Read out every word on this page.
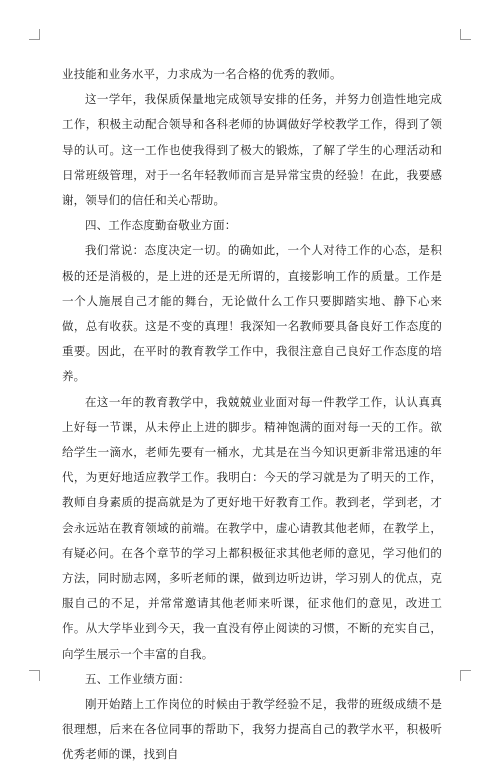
业技能和业务水平，力求成为一名合格的优秀的教师。

这一学年，我保质保量地完成领导安排的任务，并努力创造性地完成工作，积极主动配合领导和各科老师的协调做好学校教学工作，得到了领导的认可。这一工作也使我得到了极大的锻炼，了解了学生的心理活动和日常班级管理，对于一名年轻教师而言是异常宝贵的经验！在此，我要感谢，领导们的信任和关心帮助。

四、工作态度勤奋敬业方面：

我们常说：态度决定一切。的确如此，一个人对待工作的心态，是积极的还是消极的，是上进的还是无所谓的，直接影响工作的质量。工作是一个人施展自己才能的舞台，无论做什么工作只要脚踏实地、静下心来做，总有收获。这是不变的真理！我深知一名教师要具备良好工作态度的重要。因此，在平时的教育教学工作中，我很注意自己良好工作态度的培养。

在这一年的教育教学中，我兢兢业业面对每一件教学工作，认认真真上好每一节课，从未停止上进的脚步。精神饱满的面对每一天的工作。欲给学生一滴水，老师先要有一桶水，尤其是在当今知识更新非常迅速的年代，为更好地适应教学工作。我明白：今天的学习就是为了明天的工作，教师自身素质的提高就是为了更好地干好教育工作。教到老，学到老，才会永远站在教育领域的前端。在教学中，虚心请教其他老师，在教学上，有疑必问。在各个章节的学习上都积极征求其他老师的意见，学习他们的方法，同时励志网，多听老师的课，做到边听边讲，学习别人的优点，克服自己的不足，并常常邀请其他老师来听课，征求他们的意见，改进工作。从大学毕业到今天，我一直没有停止阅读的习惯，不断的充实自己，向学生展示一个丰富的自我。

五、工作业绩方面：

刚开始踏上工作岗位的时候由于教学经验不足，我带的班级成绩不是很理想，后来在各位同事的帮助下，我努力提高自己的教学水平，积极听优秀老师的课，找到自
